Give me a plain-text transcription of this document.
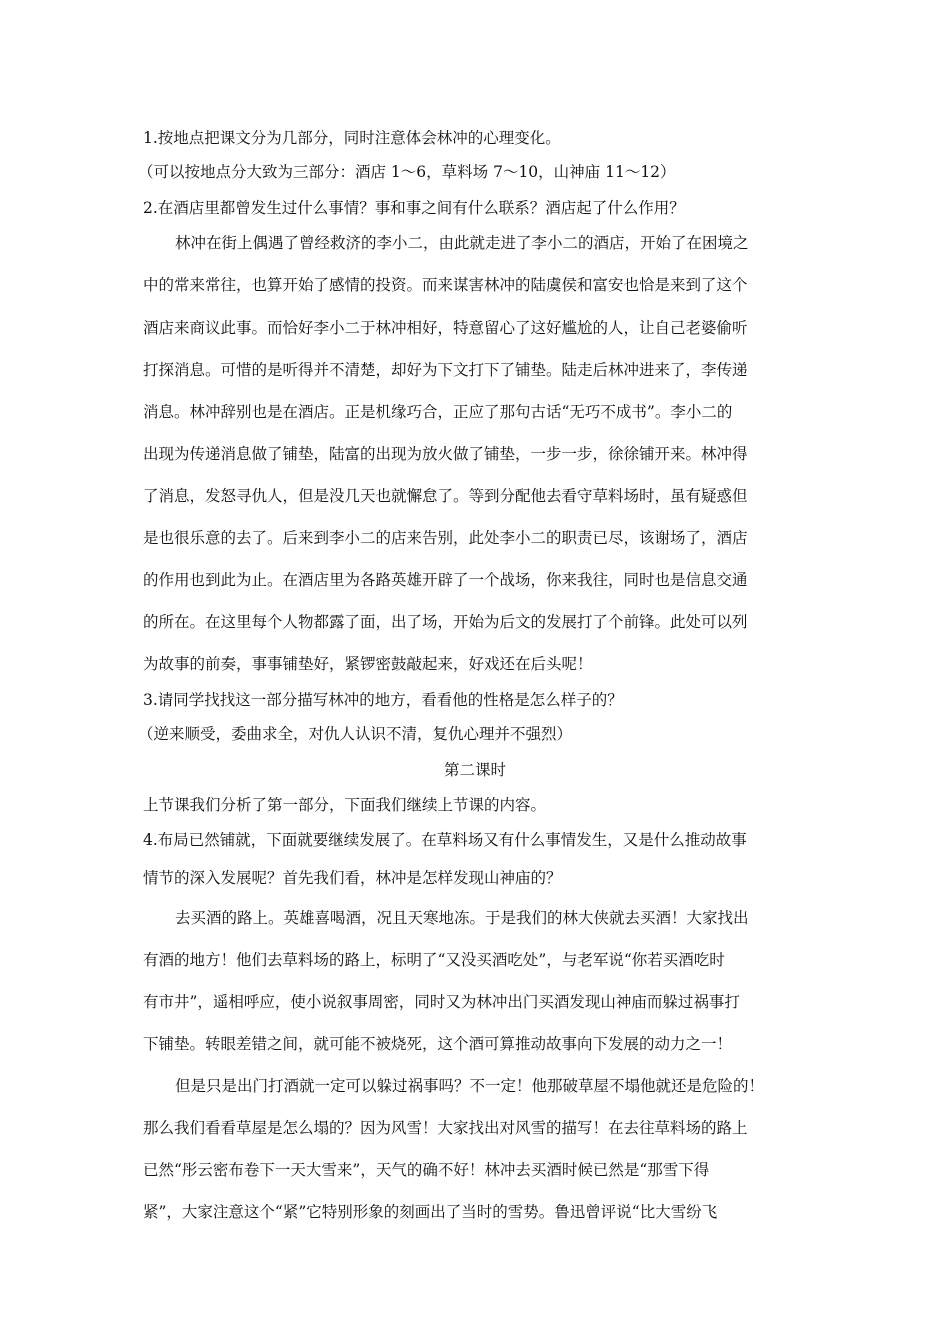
1.按地点把课文分为几部分，同时注意体会林冲的心理变化。
（可以按地点分大致为三部分：酒店 1～6，草料场 7～10，山神庙 11～12）
2.在酒店里都曾发生过什么事情？事和事之间有什么联系？酒店起了什么作用？
林冲在街上偶遇了曾经救济的李小二，由此就走进了李小二的酒店，开始了在困境之
中的常来常往，也算开始了感情的投资。而来谋害林冲的陆虞侯和富安也恰是来到了这个
酒店来商议此事。而恰好李小二于林冲相好，特意留心了这好尴尬的人，让自己老婆偷听
打探消息。可惜的是听得并不清楚，却好为下文打下了铺垫。陆走后林冲进来了，李传递
消息。林冲辞别也是在酒店。正是机缘巧合，正应了那句古话“无巧不成书”。李小二的
出现为传递消息做了铺垫，陆富的出现为放火做了铺垫，一步一步，徐徐铺开来。林冲得
了消息，发怒寻仇人，但是没几天也就懈怠了。等到分配他去看守草料场时，虽有疑惑但
是也很乐意的去了。后来到李小二的店来告别，此处李小二的职责已尽，该谢场了，酒店
的作用也到此为止。在酒店里为各路英雄开辟了一个战场，你来我往，同时也是信息交通
的所在。在这里每个人物都露了面，出了场，开始为后文的发展打了个前锋。此处可以列
为故事的前奏，事事铺垫好，紧锣密鼓敲起来，好戏还在后头呢！
3.请同学找找这一部分描写林冲的地方，看看他的性格是怎么样子的？
（逆来顺受，委曲求全，对仇人认识不清，复仇心理并不强烈）
第二课时
上节课我们分析了第一部分，下面我们继续上节课的内容。
4.布局已然铺就，下面就要继续发展了。在草料场又有什么事情发生，又是什么推动故事
情节的深入发展呢？首先我们看，林冲是怎样发现山神庙的？
去买酒的路上。英雄喜喝酒，况且天寒地冻。于是我们的林大侠就去买酒！大家找出
有酒的地方！他们去草料场的路上，标明了“又没买酒吃处”，与老军说“你若买酒吃时
有市井”，遥相呼应，使小说叙事周密，同时又为林冲出门买酒发现山神庙而躲过祸事打
下铺垫。转眼差错之间，就可能不被烧死，这个酒可算推动故事向下发展的动力之一！
但是只是出门打酒就一定可以躲过祸事吗？不一定！他那破草屋不塌他就还是危险的！
那么我们看看草屋是怎么塌的？因为风雪！大家找出对风雪的描写！在去往草料场的路上
已然“彤云密布卷下一天大雪来”，天气的确不好！林冲去买酒时候已然是“那雪下得
紧”，大家注意这个“紧”它特别形象的刻画出了当时的雪势。鲁迅曾评说“比大雪纷飞
